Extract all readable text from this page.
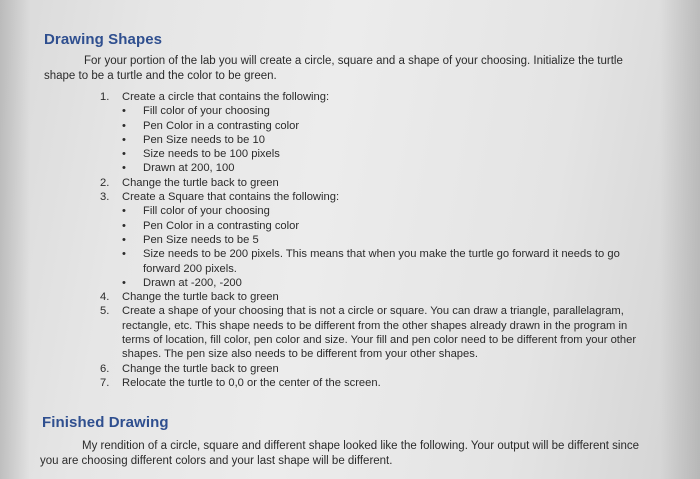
Drawing Shapes

For your portion of the lab you will create a circle, square and a shape of your choosing. Initialize the turtle shape to be a turtle and the color to be green.

1.	Create a circle that contains the following:
•	Fill color of your choosing
•	Pen Color in a contrasting color
•	Pen Size needs to be 10
•	Size needs to be 100 pixels
•	Drawn at 200, 100
2.	Change the turtle back to green
3.	Create a Square that contains the following:
•	Fill color of your choosing
•	Pen Color in a contrasting color
•	Pen Size needs to be 5
•	Size needs to be 200 pixels. This means that when you make the turtle go forward it needs to go forward 200 pixels.
•	Drawn at -200, -200
4.	Change the turtle back to green
5.	Create a shape of your choosing that is not a circle or square. You can draw a triangle, parallelagram, rectangle, etc. This shape needs to be different from the other shapes already drawn in the program in terms of location, fill color, pen color and size. Your fill and pen color need to be different from your other shapes. The pen size also needs to be different from your other shapes.
6.	Change the turtle back to green
7.	Relocate the turtle to 0,0 or the center of the screen.
Finished Drawing

My rendition of a circle, square and different shape looked like the following. Your output will be different since you are choosing different colors and your last shape will be different.
